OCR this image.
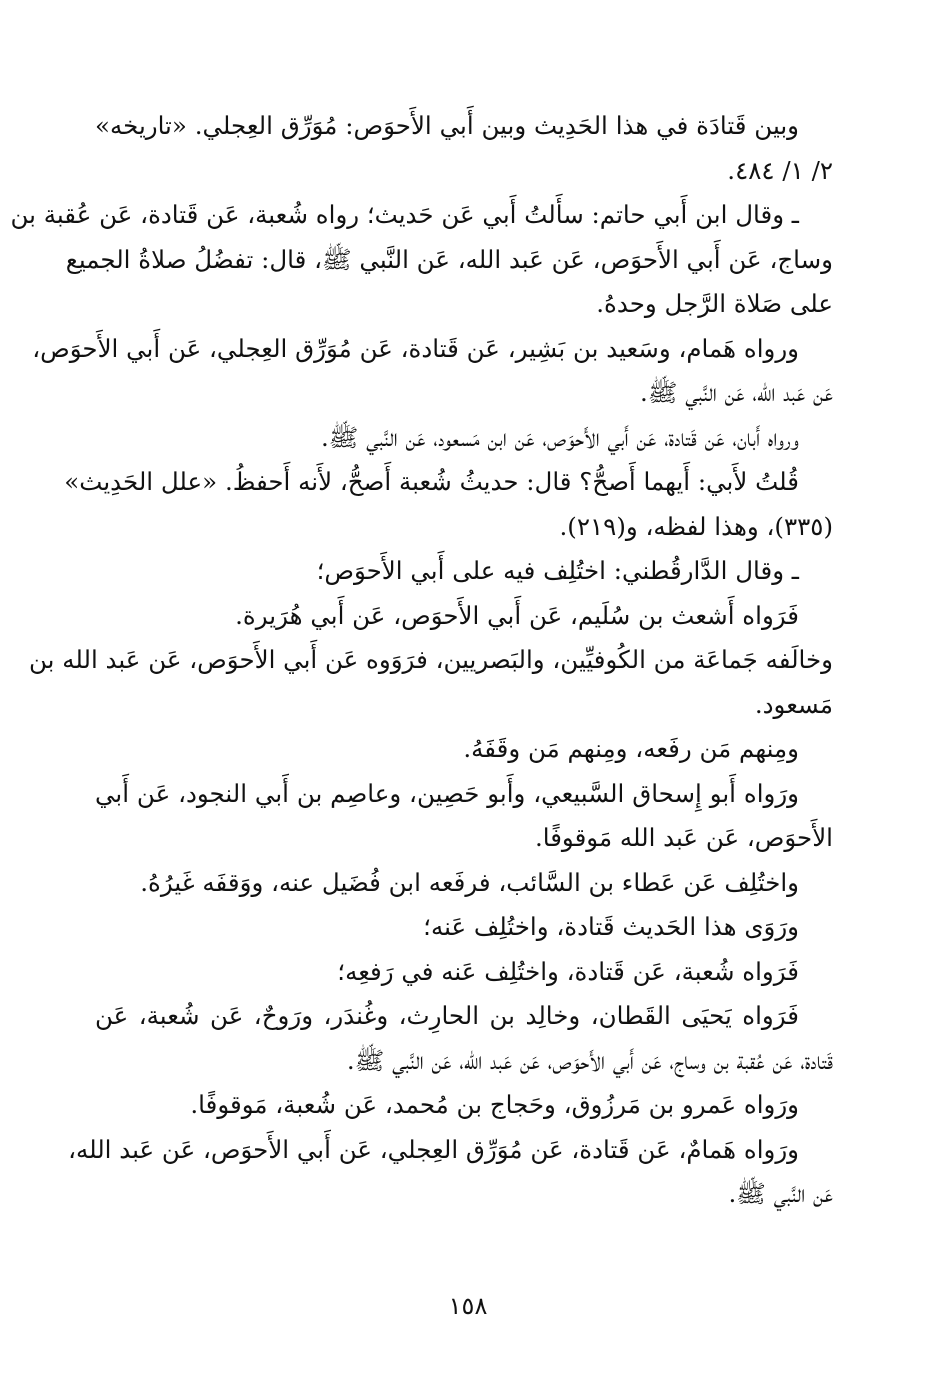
وبين قَتادَة في هذا الحَدِيث وبين أَبي الأَحوَص: مُوَرِّق العِجلي. «تاريخه»
٢/ ١/ ٤٨٤.
ـ وقال ابن أَبي حاتم: سأَلتُ أَبي عَن حَديث؛ رواه شُعبة، عَن قَتادة، عَن عُقبة بن
وساج، عَن أَبي الأَحوَص، عَن عَبد الله، عَن النَّبي ﷺ، قال: تفضُلُ صلاةُ الجميع
على صَلاة الرَّجل وحدهُ.
ورواه هَمام، وسَعيد بن بَشِير، عَن قَتادة، عَن مُوَرِّق العِجلي، عَن أَبي الأَحوَص،
عَن عَبد الله، عَن النَّبي ﷺ.
ورواه أَبان، عَن قَتادة، عَن أَبي الأَحوَص، عَن ابن مَسعود، عَن النَّبي ﷺ.
قُلتُ لأَبي: أَيهما أَصحُّ؟ قال: حديثُ شُعبة أَصحُّ، لأَنه أَحفظُ. «علل الحَدِيث»
(٣٣٥)، وهذا لفظه، و(٢١٩).
ـ وقال الدَّارقُطني: اختُلِف فيه على أَبي الأَحوَص؛
فَرَواه أَشعث بن سُلَيم، عَن أَبي الأَحوَص، عَن أَبي هُرَيرة.
وخالَفه جَماعَة من الكُوفيِّين، والبَصريين، فرَوَوه عَن أَبي الأَحوَص، عَن عَبد الله بن
مَسعود.
ومِنهم مَن رفَعه، ومِنهم مَن وقَفَهُ.
ورَواه أَبو إِسحاق السَّبيعي، وأَبو حَصِين، وعاصِم بن أَبي النجود، عَن أَبي
الأَحوَص، عَن عَبد الله مَوقوفًا.
واختُلِف عَن عَطاء بن السَّائب، فرفَعه ابن فُضَيل عنه، ووَقفَه غَيرُهُ.
ورَوَى هذا الحَديث قَتادة، واختُلِف عَنه؛
فَرَواه شُعبة، عَن قَتادة، واختُلِف عَنه في رَفعِه؛
فَرَواه يَحيَى القَطان، وخالِد بن الحارِث، وغُندَر، ورَوحٌ، عَن شُعبة، عَن
قَتادة، عَن عُقبة بن وساج، عَن أَبي الأَحوَص، عَن عَبد الله، عَن النَّبي ﷺ.
ورَواه عَمرو بن مَرزُوق، وحَجاج بن مُحمد، عَن شُعبة، مَوقوفًا.
ورَواه هَمامٌ، عَن قَتادة، عَن مُوَرِّق العِجلي، عَن أَبي الأَحوَص، عَن عَبد الله،
عَن النَّبي ﷺ.
١٥٨
